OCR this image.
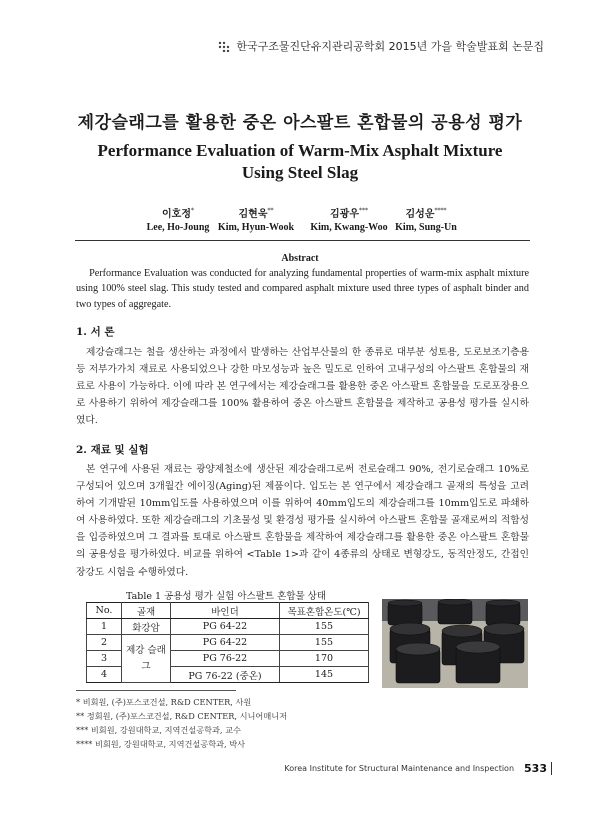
한국구조물진단유지관리공학회 2015년 가을 학술발표회 논문집
제강슬래그를 활용한 중온 아스팔트 혼합물의 공용성 평가
Performance Evaluation of Warm-Mix Asphalt Mixture
Using Steel Slag
이호정*
Lee, Ho-Joung
김현욱**
Kim, Hyun-Wook
김광우***
Kim, Kwang-Woo
김성운****
Kim, Sung-Un
Abstract
  Performance Evaluation was conducted for analyzing fundamental properties of warm-mix asphalt mixture using 100% steel slag. This study tested and compared asphalt mixture used three types of asphalt binder and two types of aggregate.
1. 서 론
제강슬래그는 철을 생산하는 과정에서 발생하는 산업부산물의 한 종류로 대부분 성토용, 도로보조기층용 등 저부가가치 재료로 사용되었으나 강한 마모성능과 높은 밀도로 인하여 고내구성의 아스팔트 혼합물의 재료로 사용이 가능하다. 이에 따라 본 연구에서는 제강슬래그를 활용한 중온 아스팔트 혼합물을 도로포장용으로 사용하기 위하여 제강슬래그를 100% 활용하여 중온 아스팔트 혼합물을 제작하고 공용성 평가를 실시하였다.
2. 재료 및 실험
본 연구에 사용된 재료는 광양제철소에 생산된 제강슬래그로써 전로슬래그 90%, 전기로슬래그 10%로 구성되어 있으며 3개월간 에이징(Aging)된 제품이다. 입도는 본 연구에서 제강슬래그 골재의 특성을 고려하여 기개발된 10mm입도를 사용하였으며 이를 위하여 40mm입도의 제강슬래그를 10mm입도로 파쇄하여 사용하였다. 또한 제강슬래그의 기초물성 및 환경성 평가를 실시하여 아스팔트 혼합물 골재로써의 적합성을 입증하였으며 그 결과를 토대로 아스팔트 혼합물을 제작하여 제강슬래그를 활용한 중온 아스팔트 혼합물의 공용성을 평가하였다. 비교를 위하여 <Table 1>과 같이 4종류의 상태로 변형강도, 동적안정도, 간접인장강도 시험을 수행하였다.
Table 1 공용성 평가 실험 아스팔트 혼합물 상태
No.	골재	바인더	목표혼합온도(℃)
1	화강암	PG 64-22	155
2	제강 슬래그	PG 64-22	155
3		PG 76-22	170
4		PG 76-22 (중온)	145
* 비회원, (주)포스코건설, R&D CENTER, 사원
** 정회원, (주)포스코건설, R&D CENTER, 시니어매니저
*** 비회원, 강원대학교, 지역건설공학과, 교수
**** 비회원, 강원대학교, 지역건설공학과, 박사
Korea Institute for Structural Maintenance and Inspection 533
